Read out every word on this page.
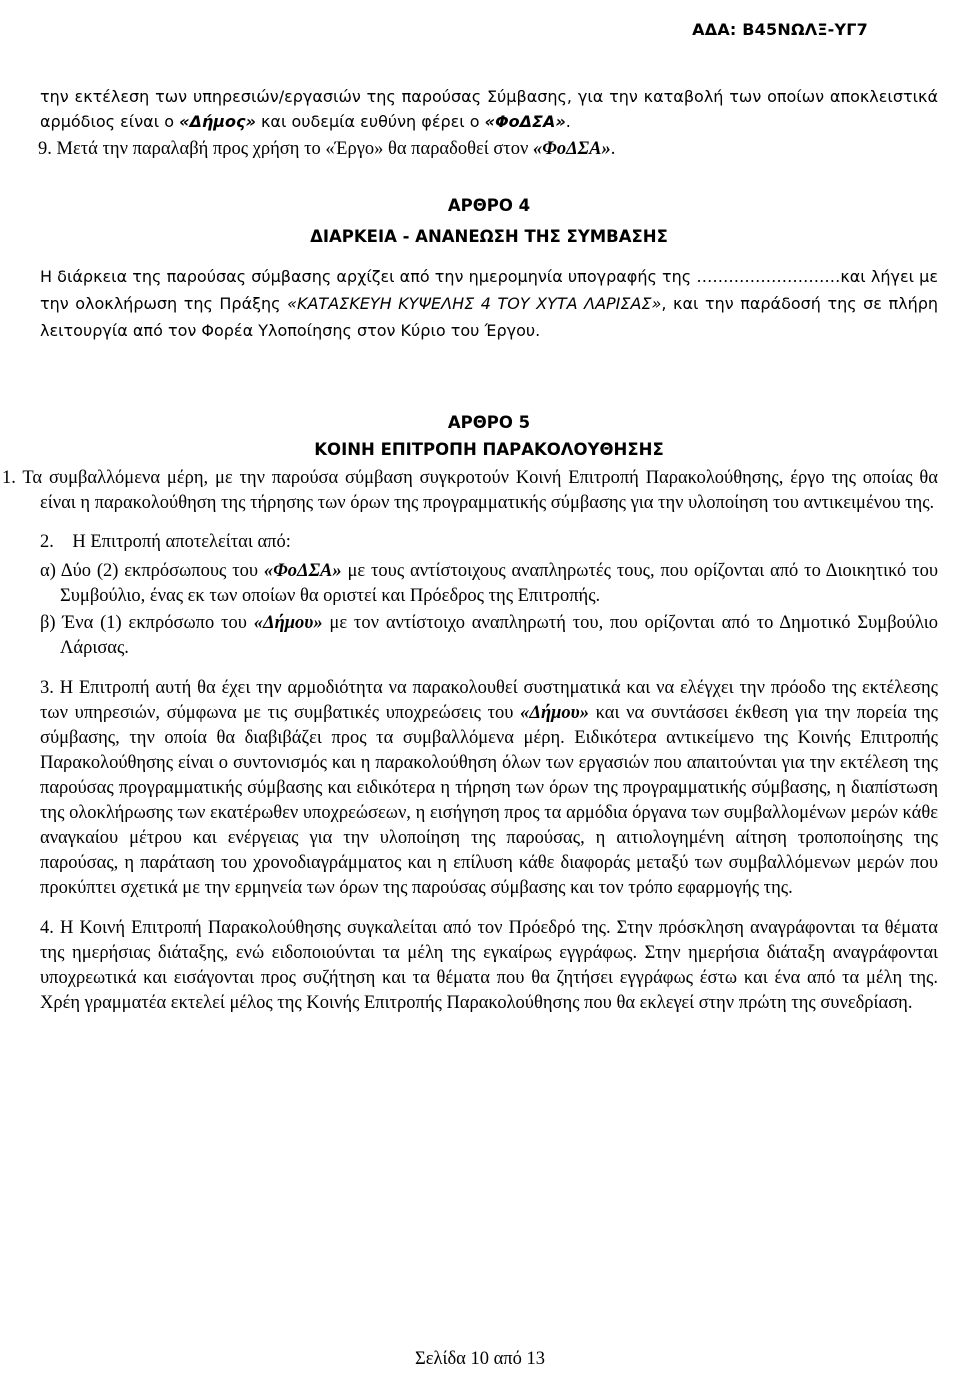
ΑΔΑ: Β45ΝΩΛΞ-ΥΓ7
την εκτέλεση των υπηρεσιών/εργασιών της παρούσας Σύμβασης, για την καταβολή των οποίων αποκλειστικά αρμόδιος είναι ο «Δήμος» και ουδεμία ευθύνη φέρει ο «ΦοΔΣΑ».
9. Μετά την παραλαβή προς χρήση το «Έργο» θα παραδοθεί στον «ΦοΔΣΑ».
ΑΡΘΡΟ 4
ΔΙΑΡΚΕΙΑ - ΑΝΑΝΕΩΣΗ ΤΗΣ ΣΥΜΒΑΣΗΣ
Η διάρκεια της παρούσας σύμβασης αρχίζει από την ημερομηνία υπογραφής της ………………………και λήγει με την ολοκλήρωση της Πράξης «ΚΑΤΑΣΚΕΥΗ ΚΥΨΕΛΗΣ 4 ΤΟΥ ΧΥΤΑ ΛΑΡΙΣΑΣ», και την παράδοσή της σε πλήρη λειτουργία από τον Φορέα Υλοποίησης στον Κύριο του Έργου.
ΑΡΘΡΟ 5
ΚΟΙΝΗ ΕΠΙΤΡΟΠΗ ΠΑΡΑΚΟΛΟΥΘΗΣΗΣ
1. Τα συμβαλλόμενα μέρη, με την παρούσα σύμβαση συγκροτούν Κοινή Επιτροπή Παρακολούθησης, έργο της οποίας θα είναι η παρακολούθηση της τήρησης των όρων της προγραμματικής σύμβασης για την υλοποίηση του αντικειμένου της.
2. Η Επιτροπή αποτελείται από:
α) Δύο (2) εκπρόσωπους του «ΦοΔΣΑ» με τους αντίστοιχους αναπληρωτές τους, που ορίζονται από το Διοικητικό του Συμβούλιο, ένας εκ των οποίων θα οριστεί και Πρόεδρος της Επιτροπής.
β) Ένα (1) εκπρόσωπο του «Δήμου» με τον αντίστοιχο αναπληρωτή του, που ορίζονται από το Δημοτικό Συμβούλιο Λάρισας.
3. Η Επιτροπή αυτή θα έχει την αρμοδιότητα να παρακολουθεί συστηματικά και να ελέγχει την πρόοδο της εκτέλεσης των υπηρεσιών, σύμφωνα με τις συμβατικές υποχρεώσεις του «Δήμου» και να συντάσσει έκθεση για την πορεία της σύμβασης, την οποία θα διαβιβάζει προς τα συμβαλλόμενα μέρη. Ειδικότερα αντικείμενο της Κοινής Επιτροπής Παρακολούθησης είναι ο συντονισμός και η παρακολούθηση όλων των εργασιών που απαιτούνται για την εκτέλεση της παρούσας προγραμματικής σύμβασης και ειδικότερα η τήρηση των όρων της προγραμματικής σύμβασης, η διαπίστωση της ολοκλήρωσης των εκατέρωθεν υποχρεώσεων, η εισήγηση προς τα αρμόδια όργανα των συμβαλλομένων μερών κάθε αναγκαίου μέτρου και ενέργειας για την υλοποίηση της παρούσας, η αιτιολογημένη αίτηση τροποποίησης της παρούσας, η παράταση του χρονοδιαγράμματος και η επίλυση κάθε διαφοράς μεταξύ των συμβαλλόμενων μερών που προκύπτει σχετικά με την ερμηνεία των όρων της παρούσας σύμβασης και τον τρόπο εφαρμογής της.
4. Η Κοινή Επιτροπή Παρακολούθησης συγκαλείται από τον Πρόεδρό της. Στην πρόσκληση αναγράφονται τα θέματα της ημερήσιας διάταξης, ενώ ειδοποιούνται τα μέλη της εγκαίρως εγγράφως. Στην ημερήσια διάταξη αναγράφονται υποχρεωτικά και εισάγονται προς συζήτηση και τα θέματα που θα ζητήσει εγγράφως έστω και ένα από τα μέλη της. Χρέη γραμματέα εκτελεί μέλος της Κοινής Επιτροπής Παρακολούθησης που θα εκλεγεί στην πρώτη της συνεδρίαση.
Σελίδα 10 από 13
